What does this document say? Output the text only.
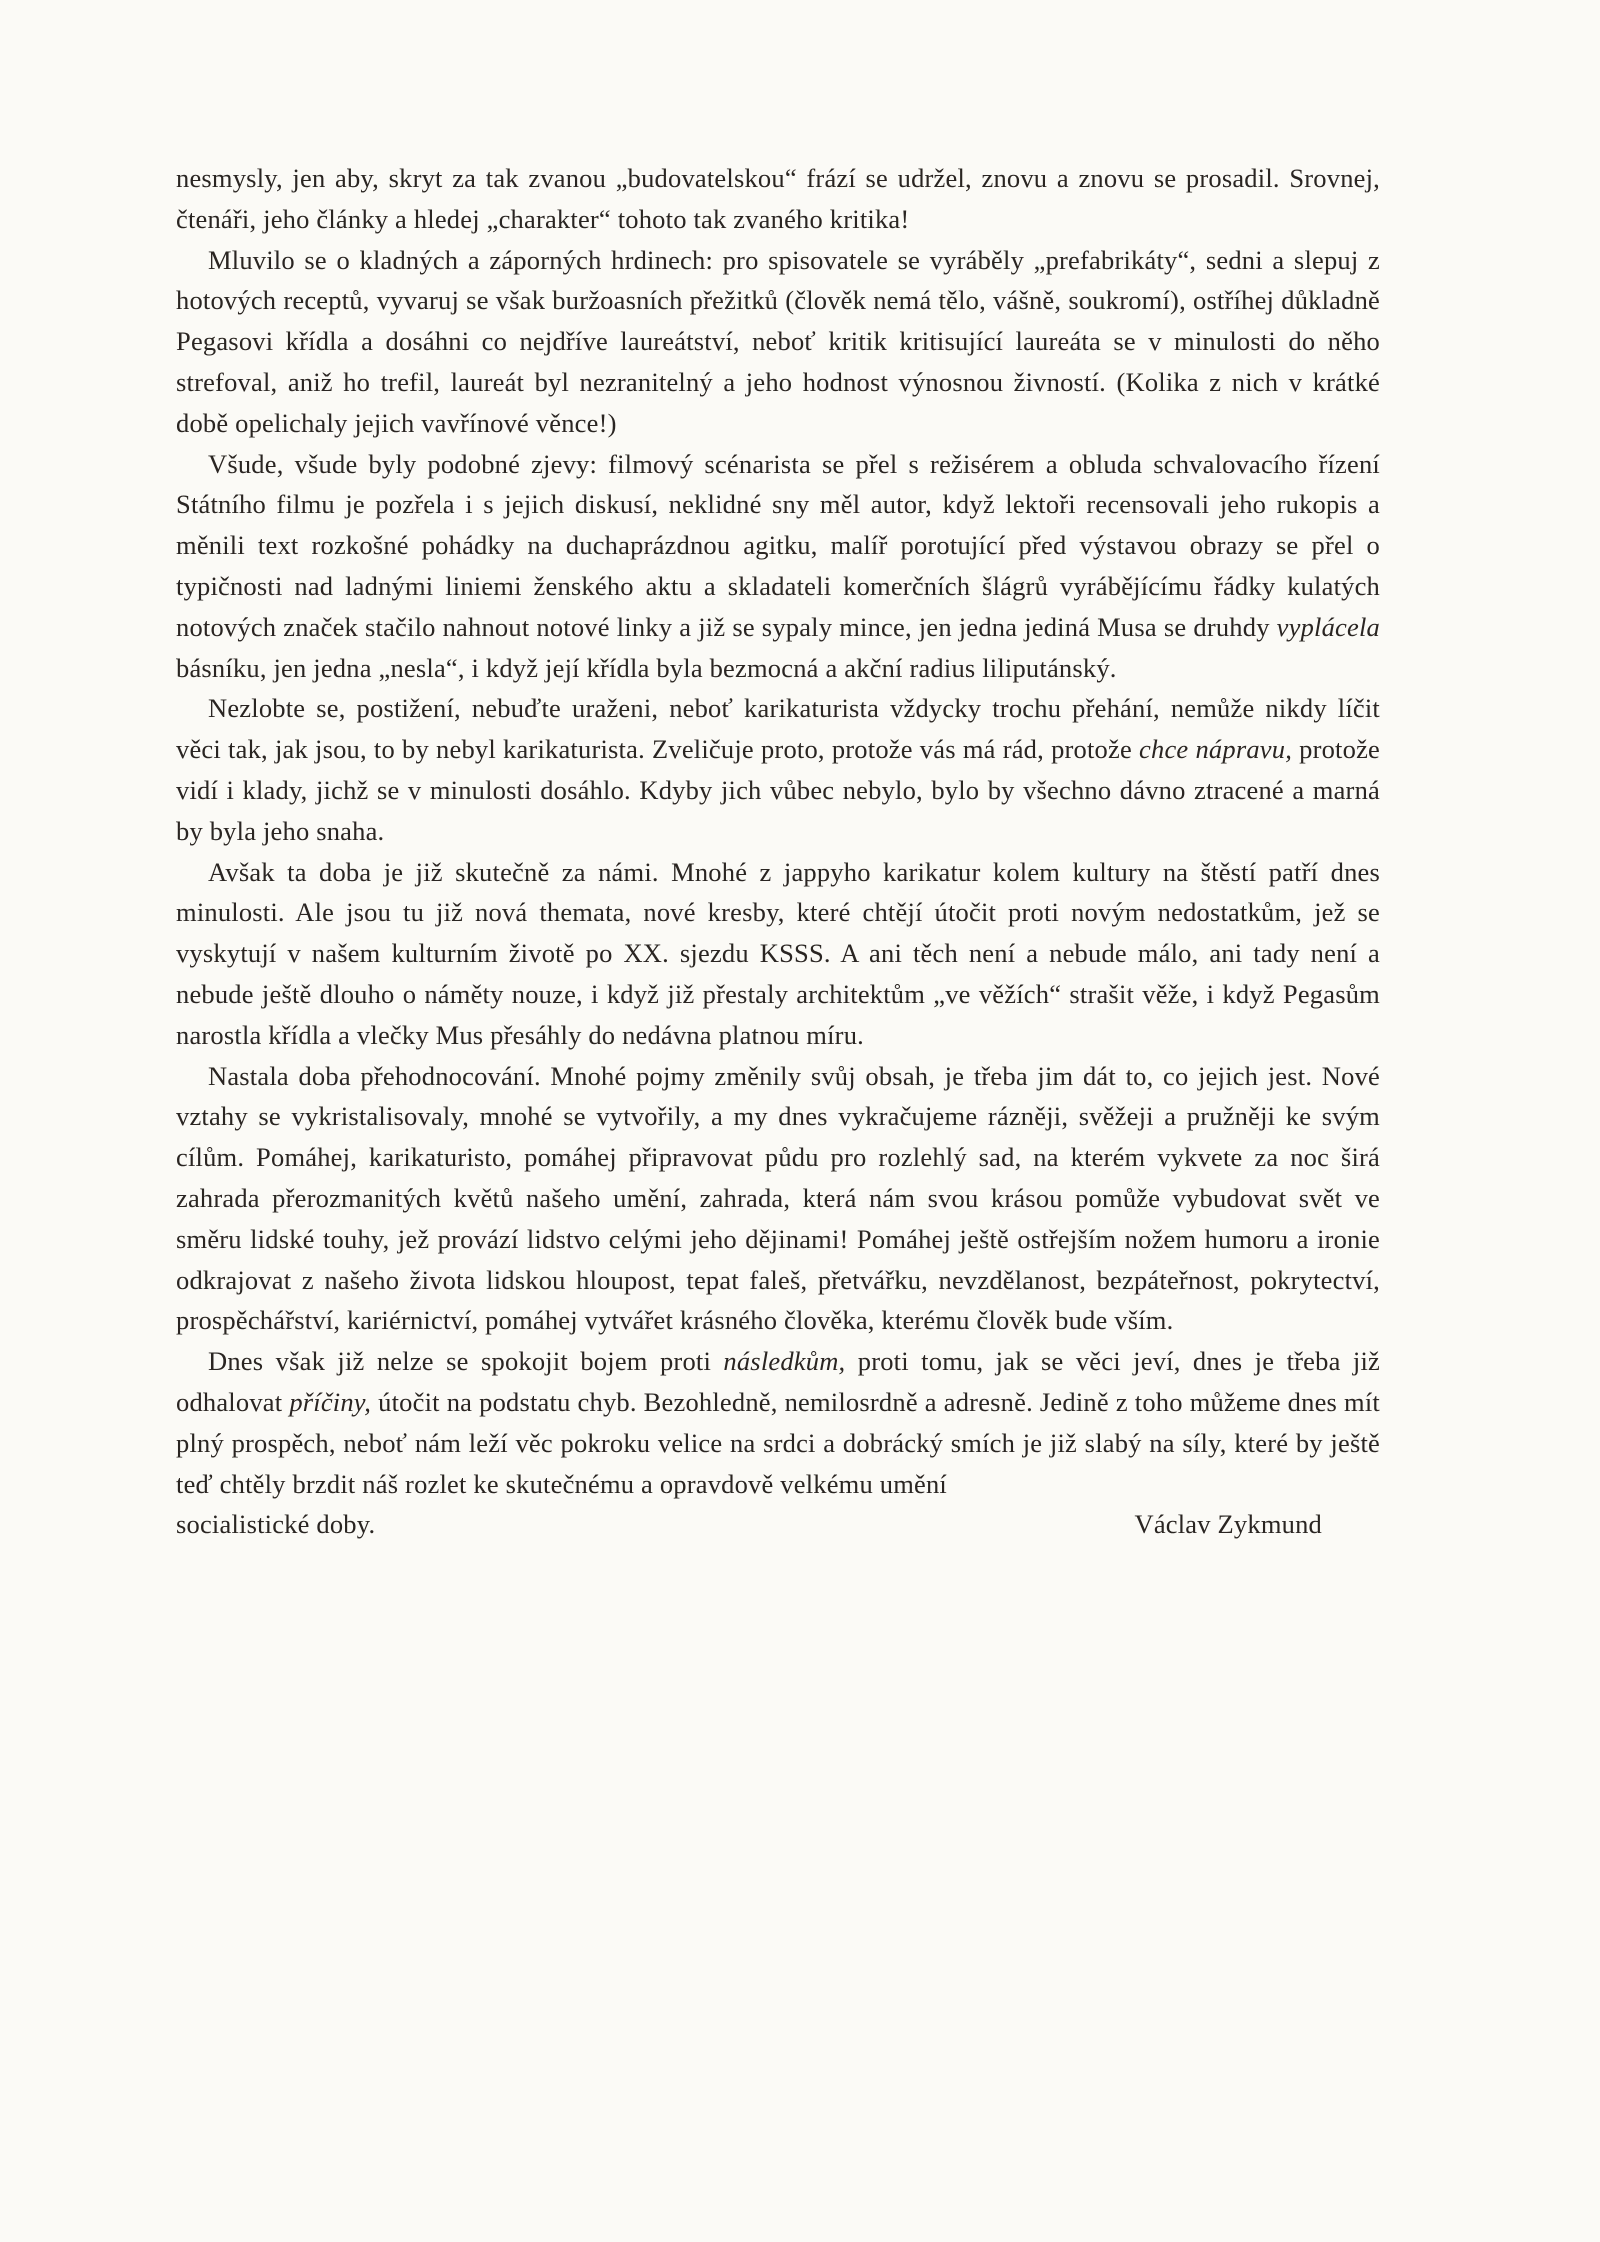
nesmysly, jen aby, skryt za tak zvanou „budovatelskou“ frází se udržel, znovu a znovu se prosadil. Srovnej, čtenáři, jeho články a hledej „charakter“ tohoto tak zvaného kritika!

Mluvilo se o kladných a záporných hrdinech: pro spisovatele se vyráběly „prefabrikáty“, sedni a slepuj z hotových receptů, vyvaruj se však buržoasních přežitků (člověk nemá tělo, vášně, soukromí), ostříhej důkladně Pegasovi křídla a dosáhni co nejdříve laureátství, neboť kritik kritisující laureáta se v minulosti do něho strefoval, aniž ho trefil, laureát byl nezranitelný a jeho hodnost výnosnou živností. (Kolika z nich v krátké době opelichaly jejich vavřínové věnce!)

Všude, všude byly podobné zjevy: filmový scénarista se přel s režisérem a obluda schvalovacího řízení Státního filmu je pozřela i s jejich diskusí, neklidné sny měl autor, když lektoři recensovali jeho rukopis a měnili text rozkošné pohádky na duchaprázdnou agitku, malíř porotující před výstavou obrazy se přel o typičnosti nad ladnými liniemi ženského aktu a skladateli komerčních šlágrů vyrábějícímu řádky kulatých notových značek stačilo nahnout notové linky a již se sypaly mince, jen jedna jediná Musa se druhdy vyplácela básníku, jen jedna „nesla“, i když její křídla byla bezmocná a akční radius liliputánský.

Nezlobte se, postižení, nebuďte uraženi, neboť karikaturista vždycky trochu přehání, nemůže nikdy líčit věci tak, jak jsou, to by nebyl karikaturista. Zveličuje proto, protože vás má rád, protože chce nápravu, protože vidí i klady, jichž se v minulosti dosáhlo. Kdyby jich vůbec nebylo, bylo by všechno dávno ztracené a marná by byla jeho snaha.

Avšak ta doba je již skutečně za námi. Mnohé z jappyho karikatur kolem kultury na štěstí patří dnes minulosti. Ale jsou tu již nová themata, nové kresby, které chtějí útočit proti novým nedostatkům, jež se vyskytují v našem kulturním životě po XX. sjezdu KSSS. A ani těch není a nebude málo, ani tady není a nebude ještě dlouho o náměty nouze, i když již přestaly architektům „ve věžích“ strašit věže, i když Pegasům narostla křídla a vlečky Mus přesáhly do nedávna platnou míru.

Nastala doba přehodnocování. Mnohé pojmy změnily svůj obsah, je třeba jim dát to, co jejich jest. Nové vztahy se vykristalisovaly, mnohé se vytvořily, a my dnes vykračujeme rázněji, svěžeji a pružněji ke svým cílům. Pomáhej, karikaturisto, pomáhej připravovat půdu pro rozlehlý sad, na kterém vykvete za noc širá zahrada přerozmanitých květů našeho umění, zahrada, která nám svou krásou pomůže vybudovat svět ve směru lidské touhy, jež provází lidstvo celými jeho dějinami! Pomáhej ještě ostřejším nožem humoru a ironie odkrajovat z našeho života lidskou hloupost, tepat faleš, přetvářku, nevzdělanost, bezpáteřnost, pokrytectví, prospěchářství, kariérnictví, pomáhej vytvářet krásného člověka, kterému člověk bude vším.

Dnes však již nelze se spokojit bojem proti následkům, proti tomu, jak se věci jeví, dnes je třeba již odhalovat příčiny, útočit na podstatu chyb. Bezohledně, nemilosrdně a adresně. Jedině z toho můžeme dnes mít plný prospěch, neboť nám leží věc pokroku velice na srdci a dobrácký smích je již slabý na síly, které by ještě teď chtěly brzdit náš rozlet ke skutečnému a opravdově velkému umění

socialistické doby.	Václav Zykmund
